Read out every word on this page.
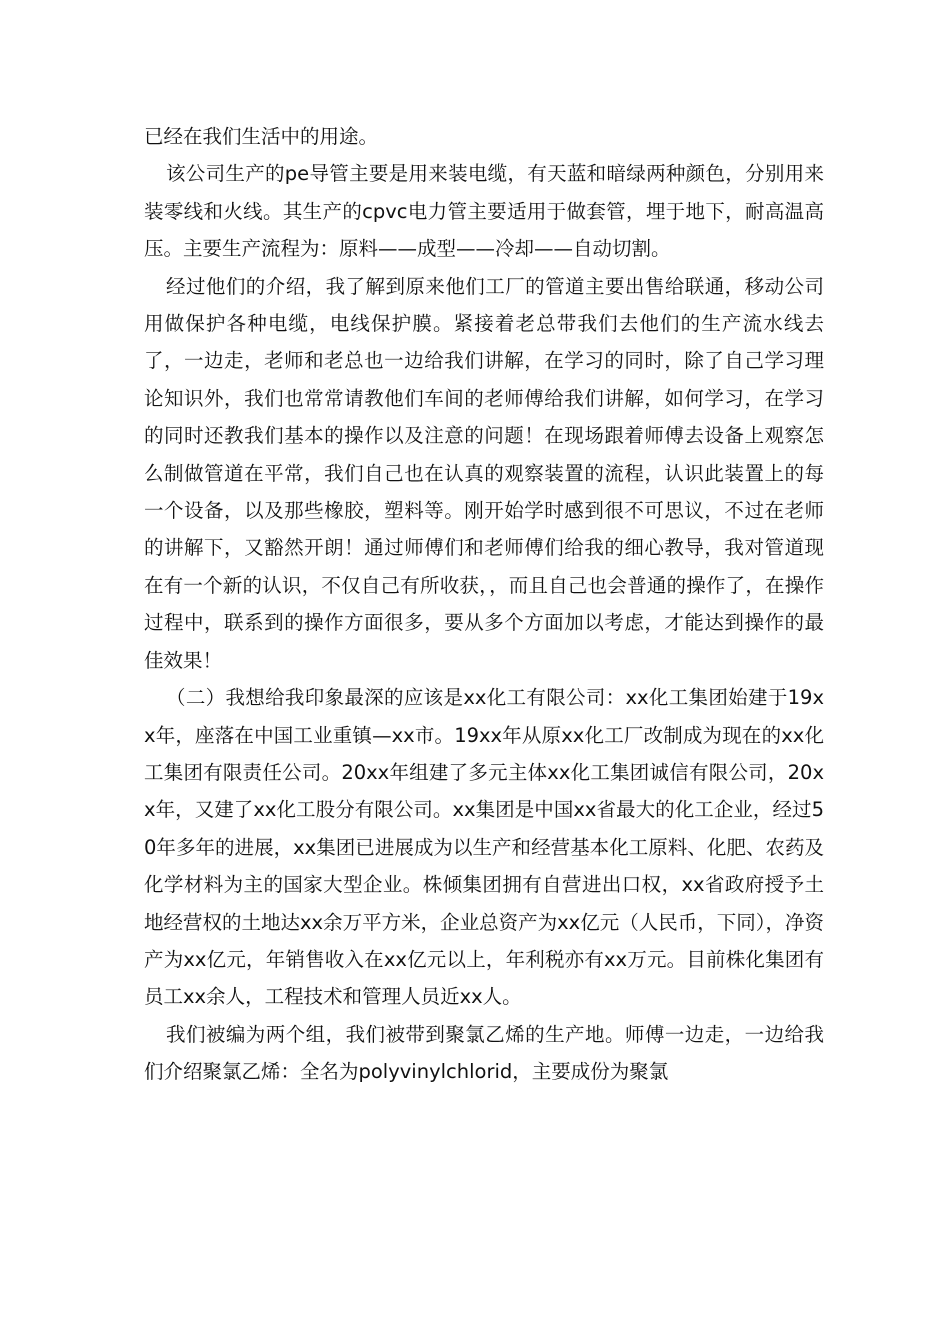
已经在我们生活中的用途。

该公司生产的pe导管主要是用来装电缆，有天蓝和暗绿两种颜色，分别用来装零线和火线。其生产的cpvc电力管主要适用于做套管，埋于地下，耐高温高压。主要生产流程为：原料——成型——冷却——自动切割。

经过他们的介绍，我了解到原来他们工厂的管道主要出售给联通，移动公司用做保护各种电缆，电线保护膜。紧接着老总带我们去他们的生产流水线去了，一边走，老师和老总也一边给我们讲解，在学习的同时，除了自己学习理论知识外，我们也常常请教他们车间的老师傅给我们讲解，如何学习，在学习的同时还教我们基本的操作以及注意的问题！在现场跟着师傅去设备上观察怎么制做管道在平常，我们自己也在认真的观察装置的流程，认识此装置上的每一个设备，以及那些橡胶，塑料等。刚开始学时感到很不可思议，不过在老师的讲解下，又豁然开朗！通过师傅们和老师傅们给我的细心教导，我对管道现在有一个新的认识，不仅自己有所收获，，而且自己也会普通的操作了，在操作过程中，联系到的操作方面很多，要从多个方面加以考虑，才能达到操作的最佳效果！

（二）我想给我印象最深的应该是xx化工有限公司：xx化工集团始建于19xx年，座落在中国工业重镇—xx市。19xx年从原xx化工厂改制成为现在的xx化工集团有限责任公司。20xx年组建了多元主体xx化工集团诚信有限公司，20xx年，又建了xx化工股分有限公司。xx集团是中国xx省最大的化工企业，经过50年多年的进展，xx集团已进展成为以生产和经营基本化工原料、化肥、农药及化学材料为主的国家大型企业。株倾集团拥有自营进出口权，xx省政府授予土地经营权的土地达xx余万平方米，企业总资产为xx亿元（人民币，下同），净资产为xx亿元，年销售收入在xx亿元以上，年利税亦有xx万元。目前株化集团有员工xx余人，工程技术和管理人员近xx人。

我们被编为两个组，我们被带到聚氯乙烯的生产地。师傅一边走，一边给我们介绍聚氯乙烯：全名为polyvinylchlorid，主要成份为聚氯
